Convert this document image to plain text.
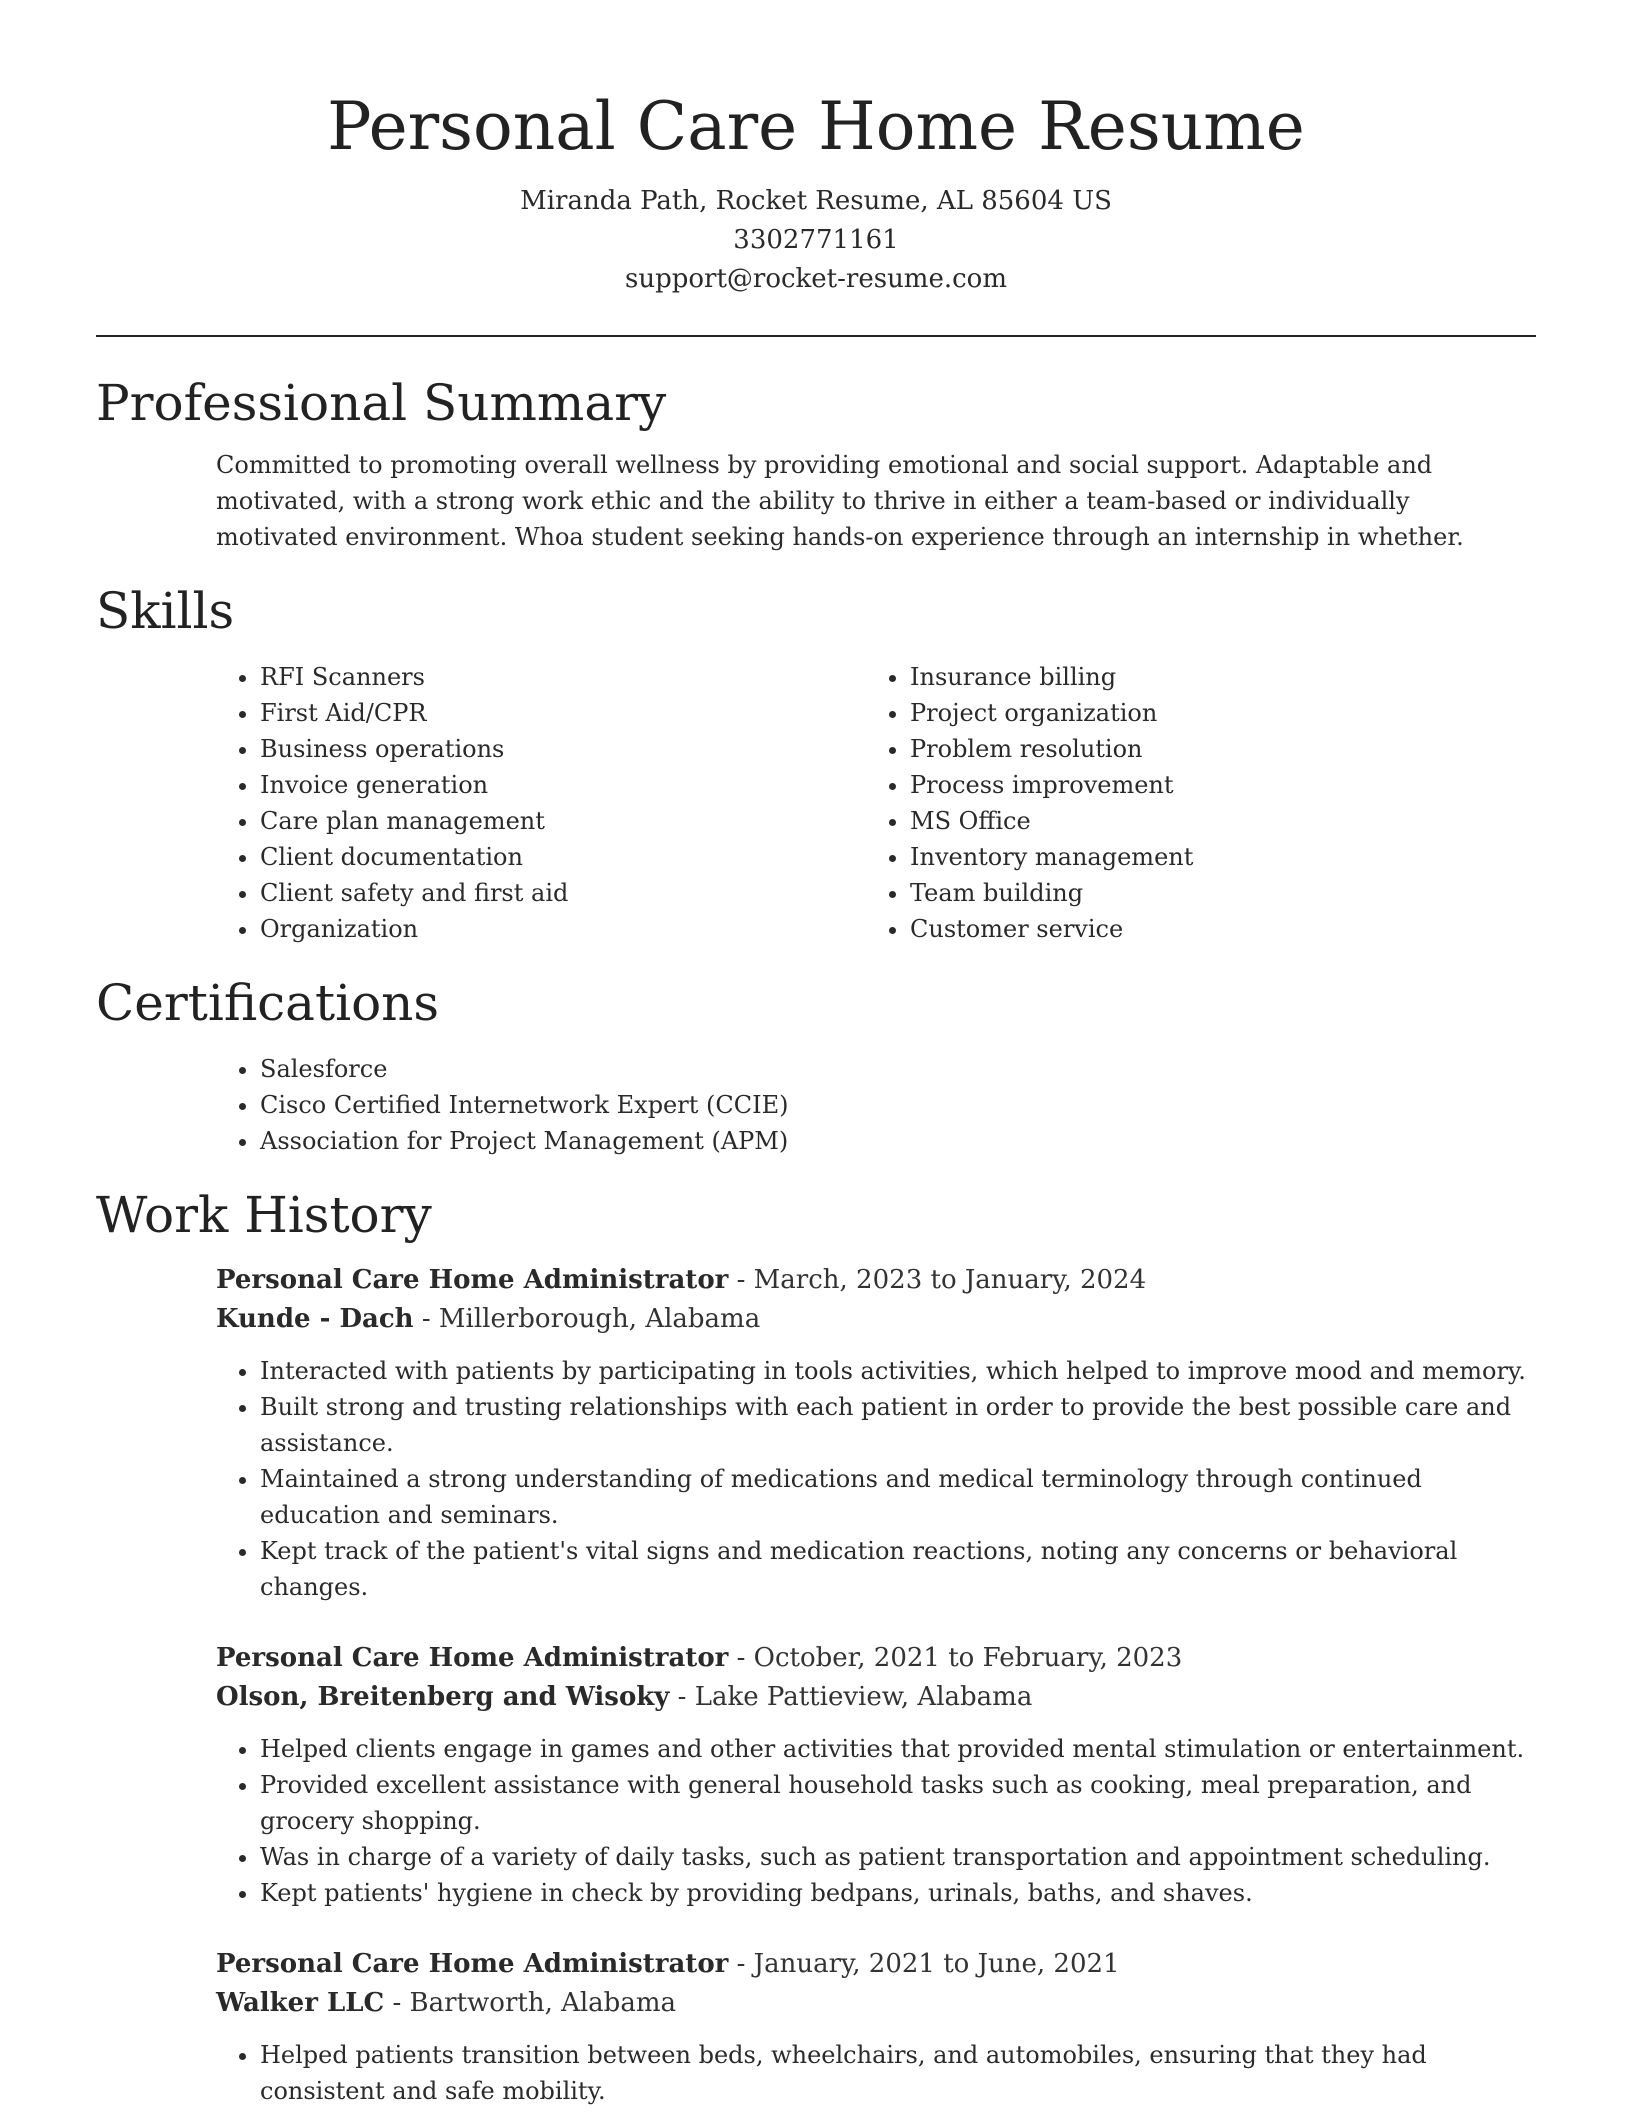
Personal Care Home Resume
Miranda Path, Rocket Resume, AL 85604 US
3302771161
support@rocket-resume.com
Professional Summary

Committed to promoting overall wellness by providing emotional and social support. Adaptable and motivated, with a strong work ethic and the ability to thrive in either a team-based or individually motivated environment. Whoa student seeking hands-on experience through an internship in whether.

Skills
• RFI Scanners
• First Aid/CPR
• Business operations
• Invoice generation
• Care plan management
• Client documentation
• Client safety and first aid
• Organization
• Insurance billing
• Project organization
• Problem resolution
• Process improvement
• MS Office
• Inventory management
• Team building
• Customer service
Certifications
• Salesforce
• Cisco Certified Internetwork Expert (CCIE)
• Association for Project Management (APM)
Work History
Personal Care Home Administrator - March, 2023 to January, 2024
Kunde - Dach - Millerborough, Alabama
• Interacted with patients by participating in tools activities, which helped to improve mood and memory.
• Built strong and trusting relationships with each patient in order to provide the best possible care and assistance.
• Maintained a strong understanding of medications and medical terminology through continued education and seminars.
• Kept track of the patient's vital signs and medication reactions, noting any concerns or behavioral changes.
Personal Care Home Administrator - October, 2021 to February, 2023
Olson, Breitenberg and Wisoky - Lake Pattieview, Alabama
• Helped clients engage in games and other activities that provided mental stimulation or entertainment.
• Provided excellent assistance with general household tasks such as cooking, meal preparation, and grocery shopping.
• Was in charge of a variety of daily tasks, such as patient transportation and appointment scheduling.
• Kept patients' hygiene in check by providing bedpans, urinals, baths, and shaves.
Personal Care Home Administrator - January, 2021 to June, 2021
Walker LLC - Bartworth, Alabama
• Helped patients transition between beds, wheelchairs, and automobiles, ensuring that they had consistent and safe mobility.
